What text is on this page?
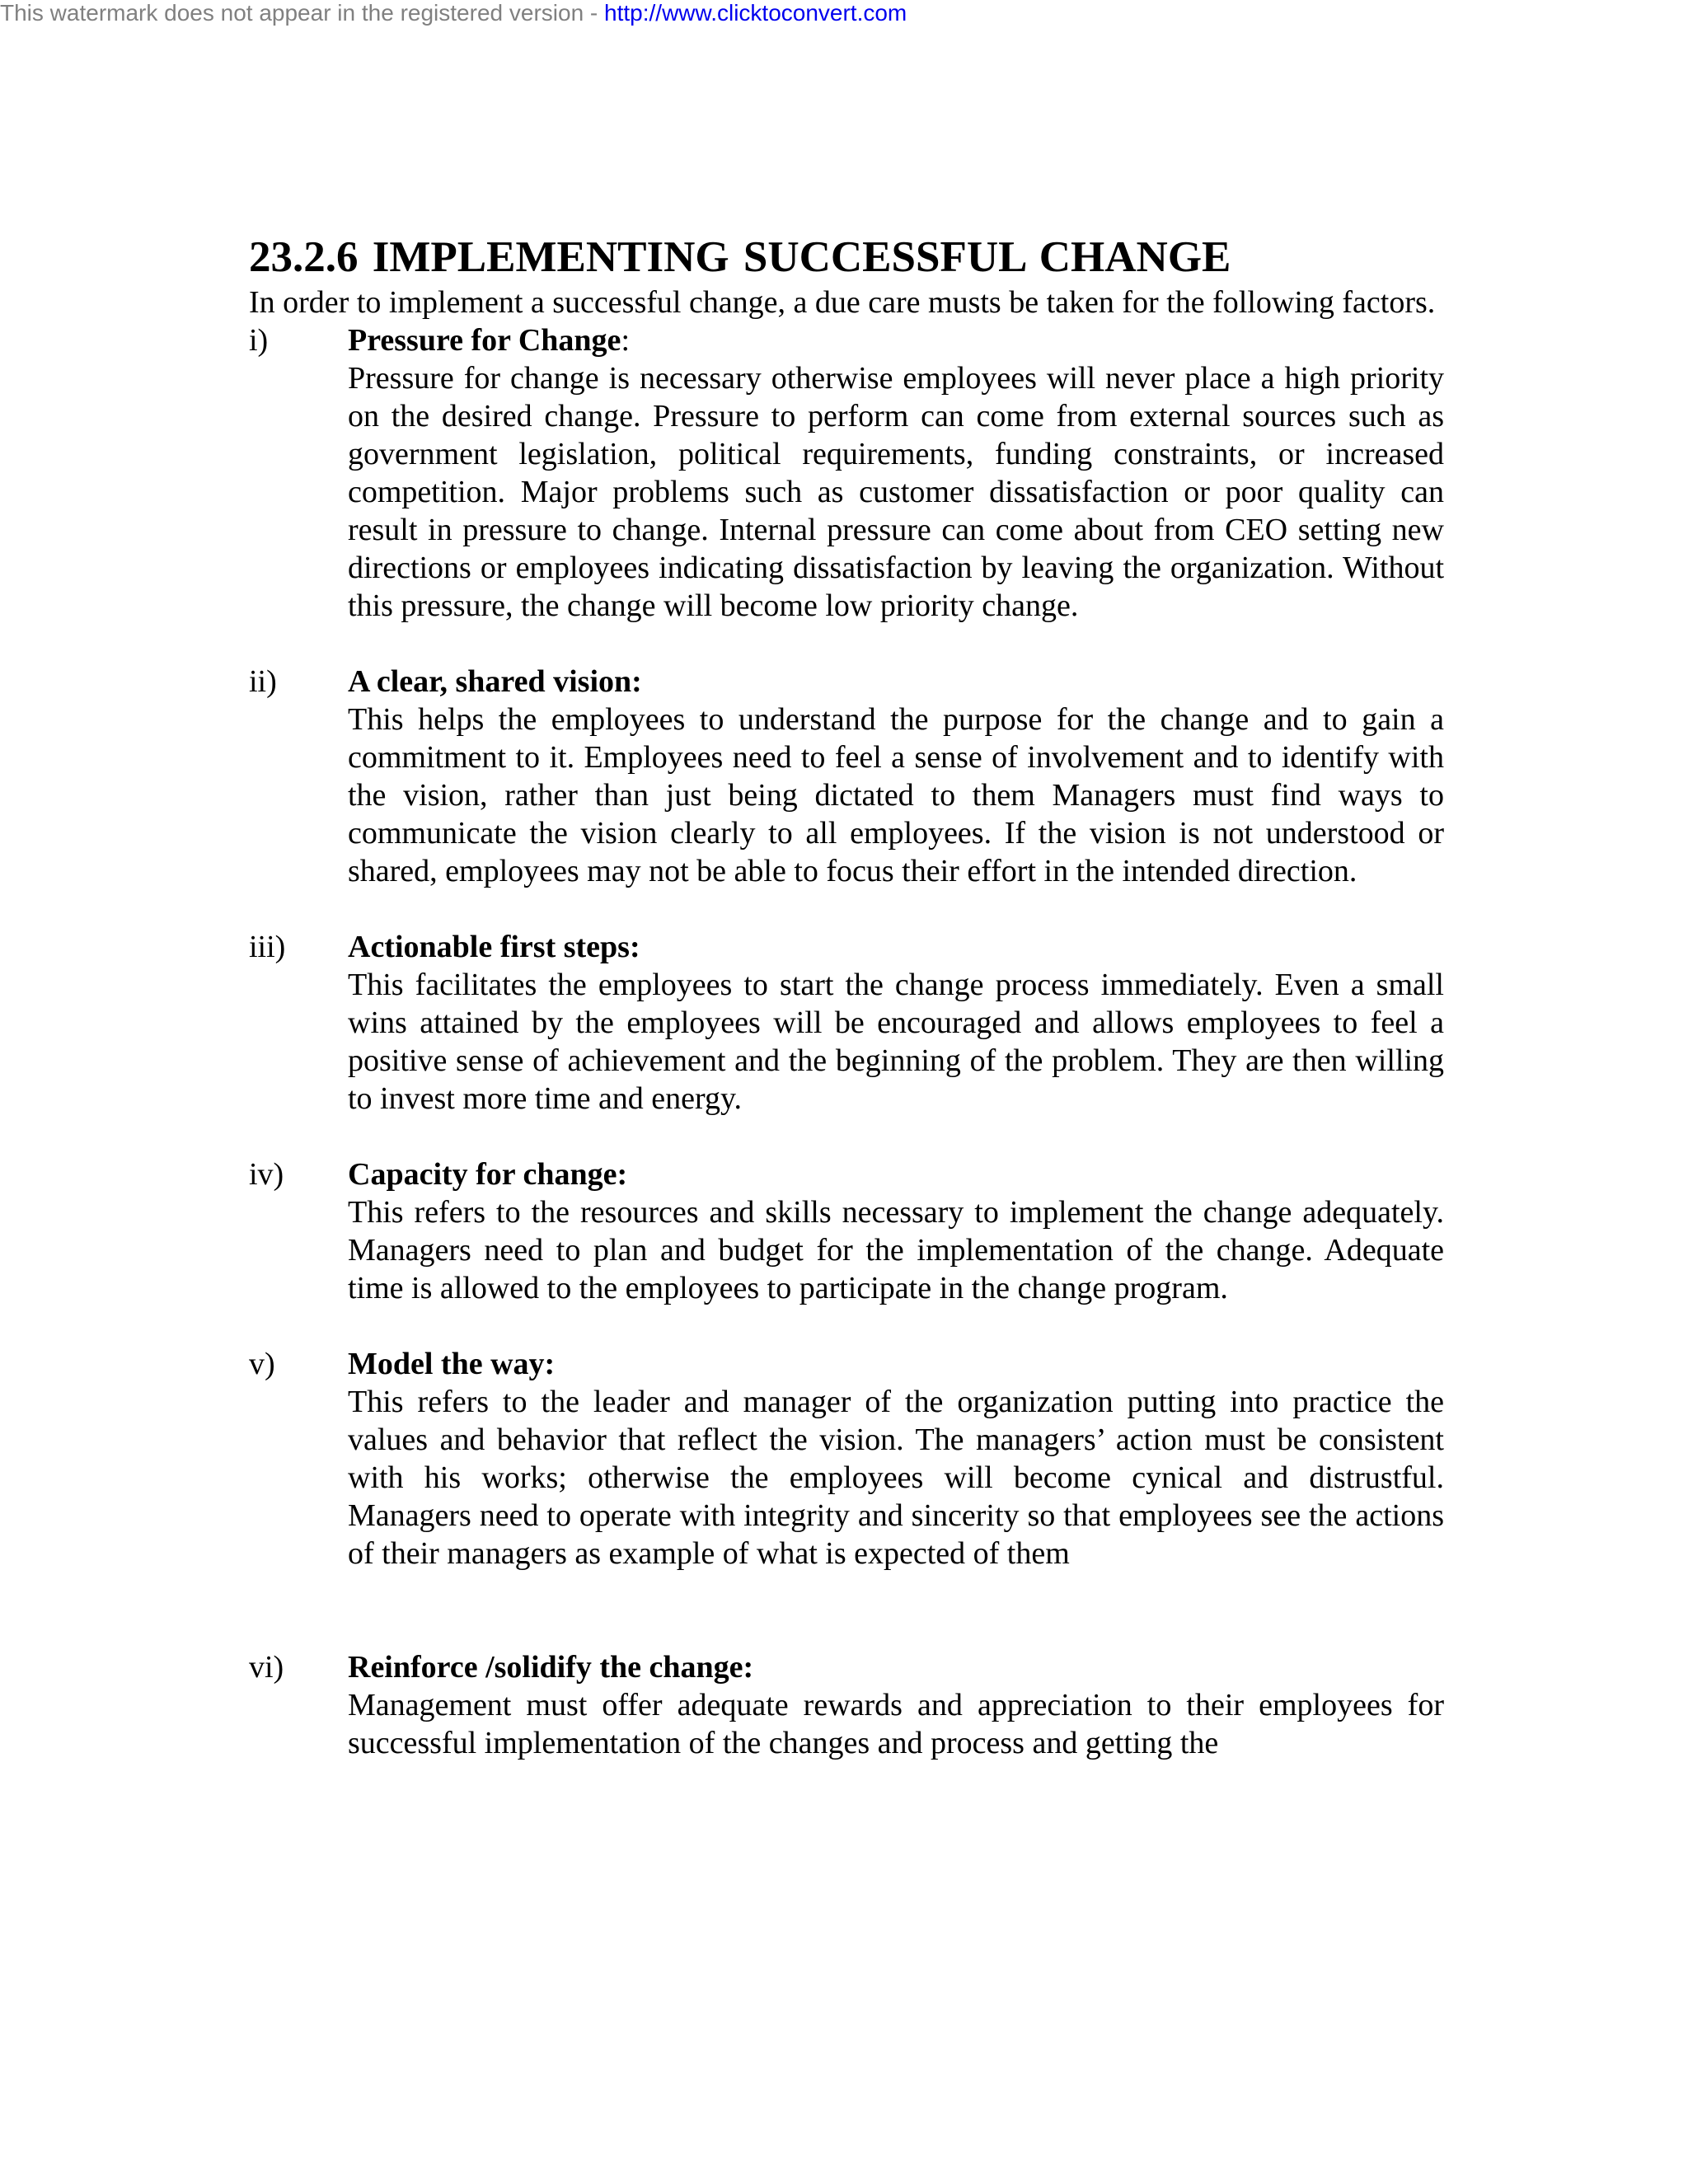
This watermark does not appear in the registered version - http://www.clicktoconvert.com
23.2.6 IMPLEMENTING SUCCESSFUL CHANGE

In order to implement a successful change, a due care musts be taken for the following factors.

i)	Pressure for Change:
Pressure for change is necessary otherwise employees will never place a high priority on the desired change. Pressure to perform can come from external sources such as government legislation, political requirements, funding constraints, or increased competition. Major problems such as customer dissatisfaction or poor quality can result in pressure to change. Internal pressure can come about from CEO setting new directions or employees indicating dissatisfaction by leaving the organization. Without this pressure, the change will become low priority change.
ii) A clear, shared vision:
This helps the employees to understand the purpose for the change and to gain a commitment to it. Employees need to feel a sense of involvement and to identify with the vision, rather than just being dictated to them Managers must find ways to communicate the vision clearly to all employees. If the vision is not understood or shared, employees may not be able to focus their effort in the intended direction.
iii) Actionable first steps:
This facilitates the employees to start the change process immediately. Even a small wins attained by the employees will be encouraged and allows employees to feel a positive sense of achievement and the beginning of the problem. They are then willing to invest more time and energy.
iv) Capacity for change:
This refers to the resources and skills necessary to implement the change adequately. Managers need to plan and budget for the implementation of the change. Adequate time is allowed to the employees to participate in the change program.
v) Model the way:
This refers to the leader and manager of the organization putting into practice the values and behavior that reflect the vision. The managers’ action must be consistent with his works; otherwise the employees will become cynical and distrustful. Managers need to operate with integrity and sincerity so that employees see the actions of their managers as example of what is expected of them
vi) Reinforce /solidify the change:
Management must offer adequate rewards and appreciation to their employees for successful implementation of the changes and process and getting the
